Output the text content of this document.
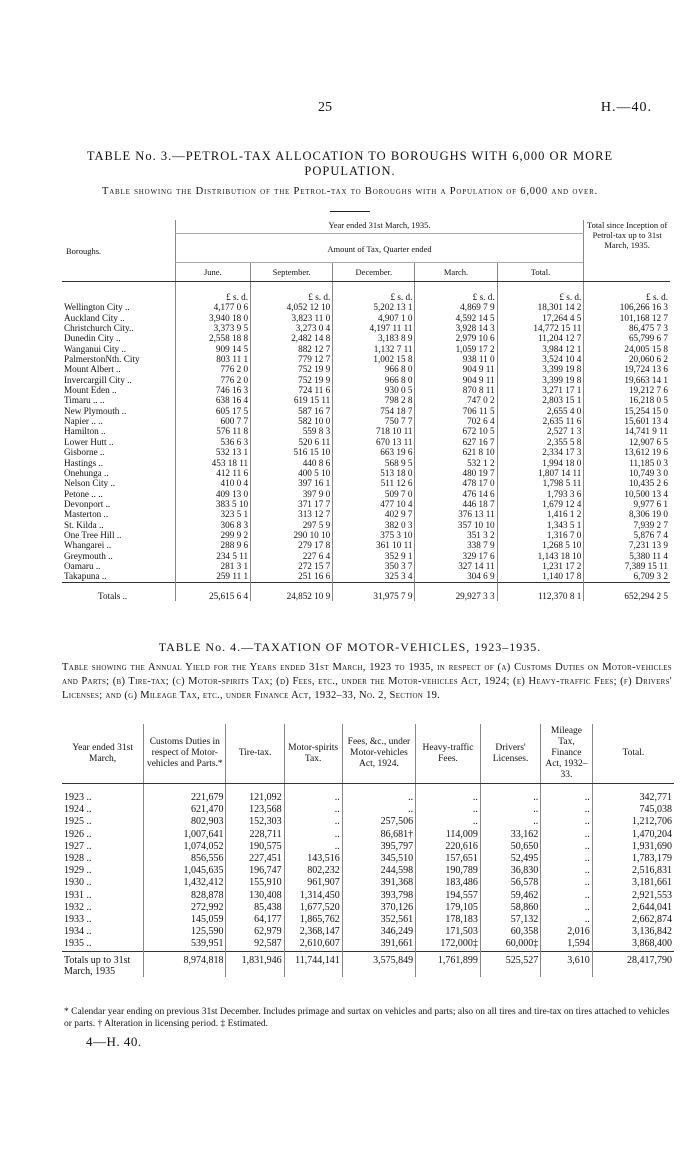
25	H.—40.
TABLE No. 3.—PETROL-TAX ALLOCATION TO BOROUGHS WITH 6,000 OR MORE POPULATION.
Table showing the Distribution of the Petrol-tax to Boroughs with a Population of 6,000 and over.
Boroughs.	Year ended 31st March, 1935.					Total since Inception of Petrol-tax up to 31st March, 1935.
	Amount of Tax, Quarter ended					
	June.	September.	December.	March.	Total.	
	£ s. d.	£ s. d.	£ s. d.	£ s. d.	£ s. d.	£ s. d.
Wellington City ..	4,177 0 6	4,052 12 10	5,202 13 1	4,869 7 9	18,301 14 2	106,266 16 3
Auckland City ..	3,940 18 0	3,823 11 0	4,907 1 0	4,592 14 5	17,264 4 5	101,168 12 7
Christchurch City..	3,373 9 5	3,273 0 4	4,197 11 11	3,928 14 3	14,772 15 11	86,475 7 3
Dunedin City ..	2,558 18 8	2,482 14 8	3,183 8 9	2,979 10 6	11,204 12 7	65,799 6 7
Wanganui City ..	909 14 5	882 12 7	1,132 7 11	1,059 17 2	3,984 12 1	24,005 15 8
PalmerstonNth. City	803 11 1	779 12 7	1,002 15 8	938 11 0	3,524 10 4	20,060 6 2
Mount Albert ..	776 2 0	752 19 9	966 8 0	904 9 11	3,399 19 8	19,724 13 6
Invercargill City ..	776 2 0	752 19 9	966 8 0	904 9 11	3,399 19 8	19,663 14 1
Mount Eden ..	746 16 3	724 11 6	930 0 5	870 8 11	3,271 17 1	19,212 7 6
Timaru .. ..	638 16 4	619 15 11	798 2 8	747 0 2	2,803 15 1	16,218 0 5
New Plymouth ..	605 17 5	587 16 7	754 18 7	706 11 5	2,655 4 0	15,254 15 0
Napier .. ..	600 7 7	582 10 0	750 7 7	702 6 4	2,635 11 6	15,601 13 4
Hamilton ..	576 11 8	559 8 3	718 10 11	672 10 5	2,527 1 3	14,741 9 11
Lower Hutt ..	536 6 3	520 6 11	670 13 11	627 16 7	2,355 5 8	12,907 6 5
Gisborne ..	532 13 1	516 15 10	663 19 6	621 8 10	2,334 17 3	13,612 19 6
Hastings ..	453 18 11	440 8 6	568 9 5	532 1 2	1,994 18 0	11,185 0 3
Onehunga ..	412 11 6	400 5 10	513 18 0	480 19 7	1,807 14 11	10,749 3 0
Nelson City ..	410 0 4	397 16 1	511 12 6	478 17 0	1,798 5 11	10,435 2 6
Petone .. ..	409 13 0	397 9 0	509 7 0	476 14 6	1,793 3 6	10,500 13 4
Devonport ..	383 5 10	371 17 7	477 10 4	446 18 7	1,679 12 4	9,977 6 1
Masterton ..	323 5 1	313 12 7	402 9 7	376 13 11	1,416 1 2	8,306 19 0
St. Kilda ..	306 8 3	297 5 9	382 0 3	357 10 10	1,343 5 1	7,939 2 7
One Tree Hill ..	299 9 2	290 10 10	375 3 10	351 3 2	1,316 7 0	5,876 7 4
Whangarei ..	288 9 6	279 17 8	361 10 11	338 7 9	1,268 5 10	7,231 13 9
Greymouth ..	234 5 11	227 6 4	352 9 1	329 17 6	1,143 18 10	5,380 11 4
Oamaru ..	281 3 1	272 15 7	350 3 7	327 14 11	1,231 17 2	7,389 15 11
Takapuna ..	259 11 1	251 16 6	325 3 4	304 6 9	1,140 17 8	6,709 3 2
Totals ..	25,615 6 4	24,852 10 9	31,975 7 9	29,927 3 3	112,370 8 1	652,294 2 5
TABLE No. 4.—TAXATION OF MOTOR-VEHICLES, 1923–1935.
Table showing the Annual Yield for the Years ended 31st March, 1923 to 1935, in respect of (a) Customs Duties on Motor-vehicles and Parts; (b) Tire-tax; (c) Motor-spirits Tax; (d) Fees, etc., under the Motor-vehicles Act, 1924; (e) Heavy-traffic Fees; (f) Drivers' Licenses; and (g) Mileage Tax, etc., under Finance Act, 1932–33, No. 2, Section 19.
Year ended 31st March,	Customs Duties in respect of Motor-vehicles and Parts.*	Tire-tax.	Motor-spirits Tax.	Fees, &c., under Motor-vehicles Act, 1924.	Heavy-traffic Fees.	Drivers' Licenses.	Mileage Tax, Finance Act, 1932–33.	Total.
1923 ..	221,679	121,092	..	..	..	..	..	342,771
1924 ..	621,470	123,568	..	..	..	..	..	745,038
1925 ..	802,903	152,303	..	257,506	..	..	..	1,212,706
1926 ..	1,007,641	228,711	..	86,681†	114,009	33,162	..	1,470,204
1927 ..	1,074,052	190,575	..	395,797	220,616	50,650	..	1,931,690
1928 ..	856,556	227,451	143,516	345,510	157,651	52,495	..	1,783,179
1929 ..	1,045,635	196,747	802,232	244,598	190,789	36,830	..	2,516,831
1930 ..	1,432,412	155,910	961,907	391,368	183,486	56,578	..	3,181,661
1931 ..	828,878	130,408	1,314,450	393,798	194,557	59,462	..	2,921,553
1932 ..	272,992	85,438	1,677,520	370,126	179,105	58,860	..	2,644,041
1933 ..	145,059	64,177	1,865,762	352,561	178,183	57,132	..	2,662,874
1934 ..	125,590	62,979	2,368,147	346,249	171,503	60,358	2,016	3,136,842
1935 ..	539,951	92,587	2,610,607	391,661	172,000‡	60,000‡	1,594	3,868,400
Totals up to 31st March, 1935	8,974,818	1,831,946	11,744,141	3,575,849	1,761,899	525,527	3,610	28,417,790
* Calendar year ending on previous 31st December. Includes primage and surtax on vehicles and parts; also on all tires and tire-tax on tires attached to vehicles or parts. † Alteration in licensing period. ‡ Estimated.
4—H. 40.
